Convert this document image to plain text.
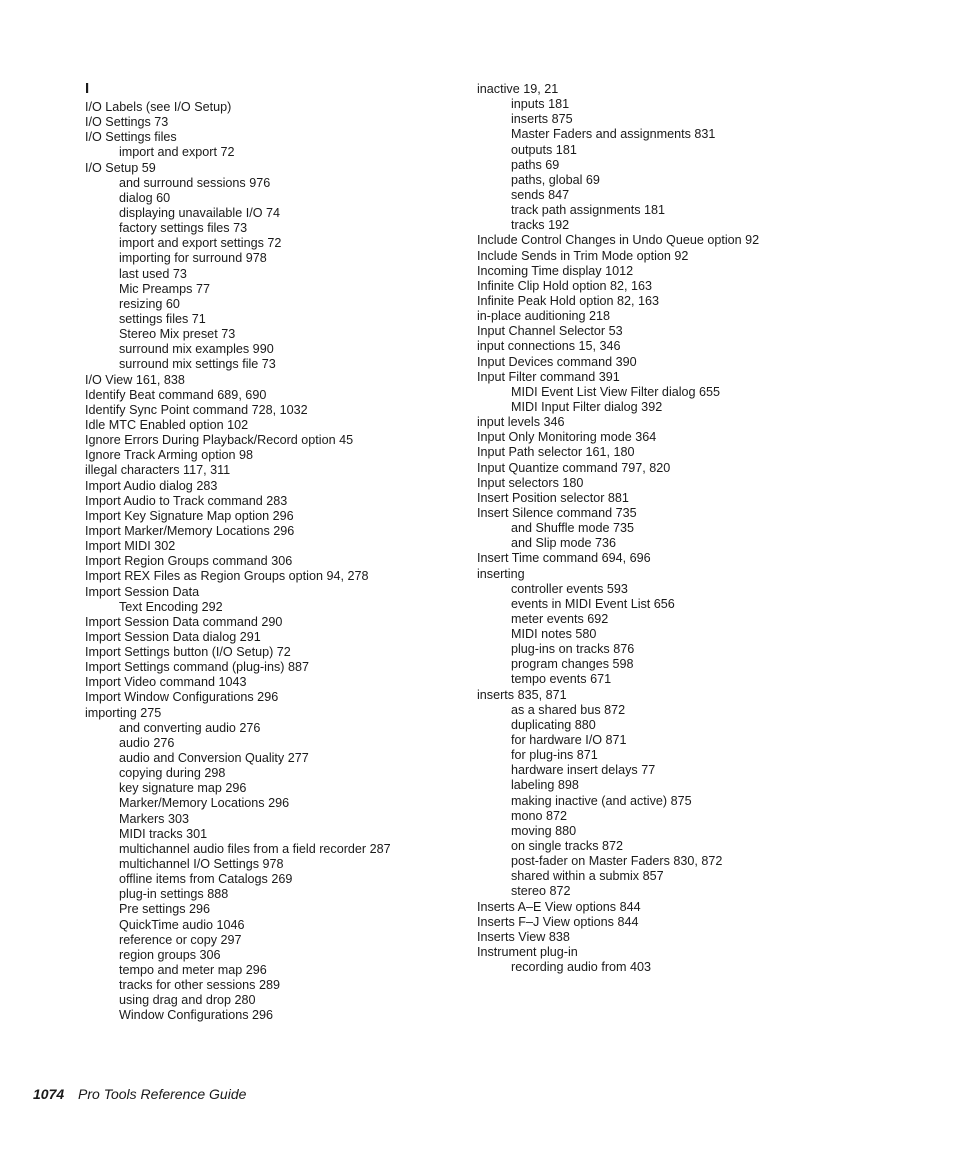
I
I/O Labels (see I/O Setup)
I/O Settings 73
I/O Settings files
import and export 72
I/O Setup 59
and surround sessions 976
dialog 60
displaying unavailable I/O 74
factory settings files 73
import and export settings 72
importing for surround 978
last used 73
Mic Preamps 77
resizing 60
settings files 71
Stereo Mix preset 73
surround mix examples 990
surround mix settings file 73
I/O View 161, 838
Identify Beat command 689, 690
Identify Sync Point command 728, 1032
Idle MTC Enabled option 102
Ignore Errors During Playback/Record option 45
Ignore Track Arming option 98
illegal characters 117, 311
Import Audio dialog 283
Import Audio to Track command 283
Import Key Signature Map option 296
Import Marker/Memory Locations 296
Import MIDI 302
Import Region Groups command 306
Import REX Files as Region Groups option 94, 278
Import Session Data
Text Encoding 292
Import Session Data command 290
Import Session Data dialog 291
Import Settings button (I/O Setup) 72
Import Settings command (plug-ins) 887
Import Video command 1043
Import Window Configurations 296
importing 275
and converting audio 276
audio 276
audio and Conversion Quality 277
copying during 298
key signature map 296
Marker/Memory Locations 296
Markers 303
MIDI tracks 301
multichannel audio files from a field recorder 287
multichannel I/O Settings 978
offline items from Catalogs 269
plug-in settings 888
Pre settings 296
QuickTime audio 1046
reference or copy 297
region groups 306
tempo and meter map 296
tracks for other sessions 289
using drag and drop 280
Window Configurations 296
inactive 19, 21
inputs 181
inserts 875
Master Faders and assignments 831
outputs 181
paths 69
paths, global 69
sends 847
track path assignments 181
tracks 192
Include Control Changes in Undo Queue option 92
Include Sends in Trim Mode option 92
Incoming Time display 1012
Infinite Clip Hold option 82, 163
Infinite Peak Hold option 82, 163
in-place auditioning 218
Input Channel Selector 53
input connections 15, 346
Input Devices command 390
Input Filter command 391
MIDI Event List View Filter dialog 655
MIDI Input Filter dialog 392
input levels 346
Input Only Monitoring mode 364
Input Path selector 161, 180
Input Quantize command 797, 820
Input selectors 180
Insert Position selector 881
Insert Silence command 735
and Shuffle mode 735
and Slip mode 736
Insert Time command 694, 696
inserting
controller events 593
events in MIDI Event List 656
meter events 692
MIDI notes 580
plug-ins on tracks 876
program changes 598
tempo events 671
inserts 835, 871
as a shared bus 872
duplicating 880
for hardware I/O 871
for plug-ins 871
hardware insert delays 77
labeling 898
making inactive (and active) 875
mono 872
moving 880
on single tracks 872
post-fader on Master Faders 830, 872
shared within a submix 857
stereo 872
Inserts A–E View options 844
Inserts F–J View options 844
Inserts View 838
Instrument plug-in
recording audio from 403
1074 Pro Tools Reference Guide
